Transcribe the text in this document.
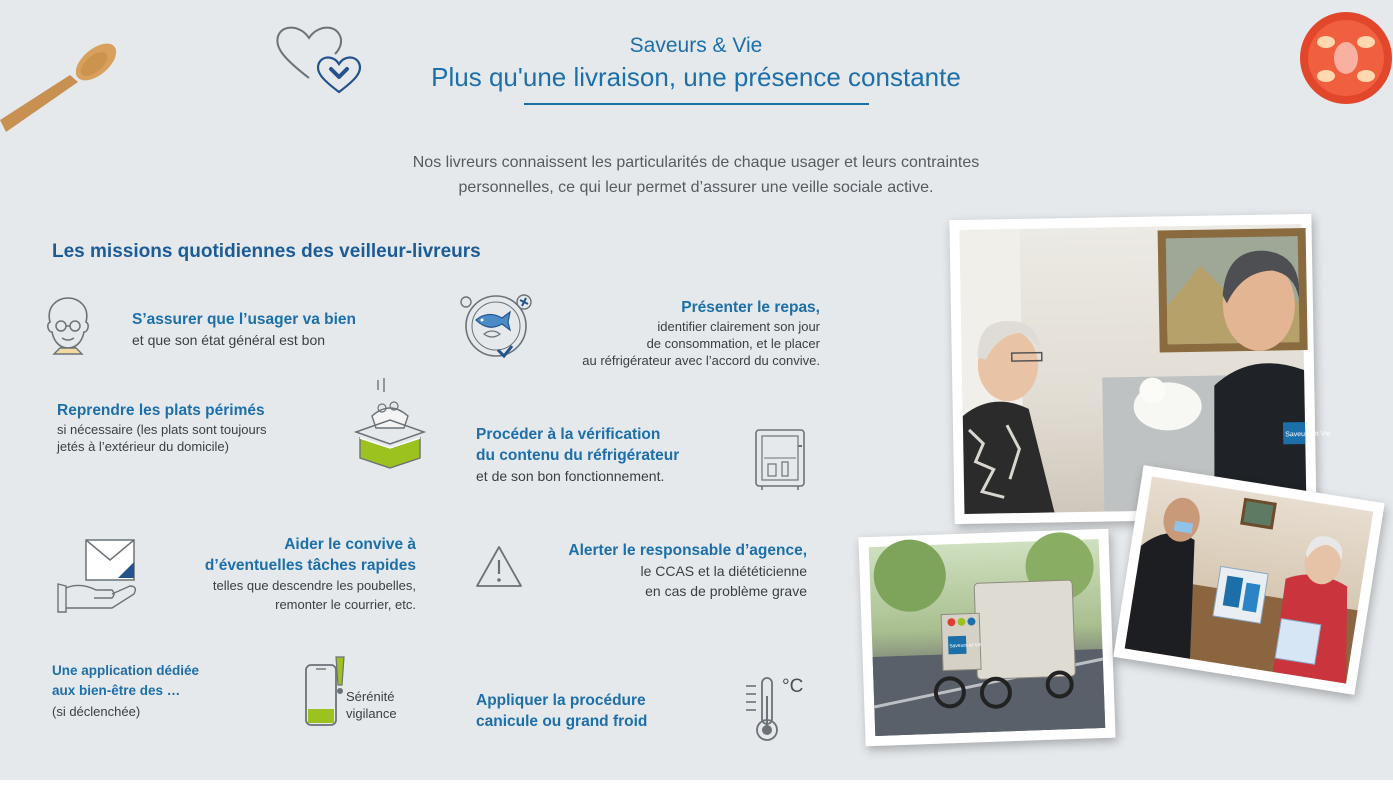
Saveurs & Vie
Plus qu'une livraison, une présence constante
Nos livreurs connaissent les particularités de chaque usager et leurs contraintes
personnelles, ce qui leur permet d’assurer une veille sociale active.
Les missions quotidiennes des veilleur-livreurs
S’assurer que l’usager va bien
et que son état général est bon
Présenter le repas,
identifier clairement son jour
de consommation, et le placer
au réfrigérateur avec l’accord du convive.
Reprendre les plats périmés
si nécessaire (les plats sont toujours
jetés à l’extérieur du domicile)
Procéder à la vérification
du contenu du réfrigérateur
et de son bon fonctionnement.
Aider le convive à
d’éventuelles tâches rapides
telles que descendre les poubelles,
remonter le courrier, etc.
Alerter le responsable d’agence,
le CCAS et la diététicienne
en cas de problème grave
Une application dédiée
aux bien-être des …
(si déclenchée)
Sérénité
vigilance
Appliquer la procédure
canicule ou grand froid
°C
Saveurs et Vie
Saveurs et Vie
